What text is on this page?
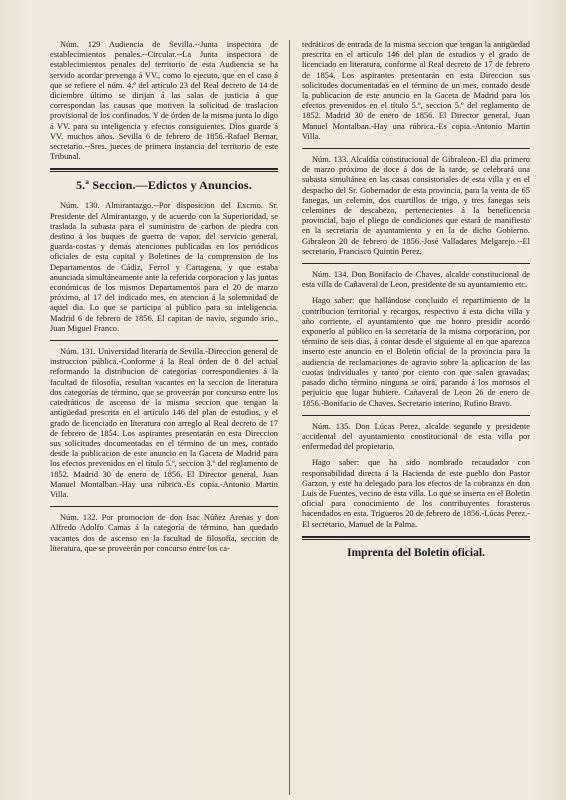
Núm. 129 Audiencia de Sevilla.--Junta inspectora de establecimientos penales.--Circular.--La Junta inspectora de establecimientos penales del territorio de esta Audiencia se ha servido acordar prevenga á VV., como lo ejecuto, que en el caso á que se refiere el núm. 4.º del artículo 23 del Real decreto de 14 de diciembre último se dirijan á las salas de justicia á que correspondan las causas que motiven la solicitud de traslacion provisional de los confinados. Y de órden de la misma junta lo digo á VV. para su inteligencia y efectos consiguientes. Dios guarde á VV. muchos años. Sevilla 6 de febrero de 1856.-Rafael Bernar, secretario.--Sres. jueces de primera instancia del territorio de este Tribunal.

5.ª Seccion.—Edictos y Anuncios.

Núm. 130. Almirantazgo.--Por disposicion del Excmo. Sr. Presidente del Almirantazgo, y de acuerdo con la Superioridad, se traslada la subasta para el suministro de carbon de piedra con destino á los buques de guerra de vapor, del servicio general, guarda-costas y demas atenciones publicadas en los periódicos oficiales de esta capital y Boletines de la comprension de los Departamentos de Cádiz, Ferrol y Cartagena, y que estaba anunciada simultáneamente ante la referida corporacion y las juntas económicas de los mismos Departamentos para el 20 de marzo próximo, al 17 del indicado mes, en atencion á la solemnidad de aquel dia. Lo que se participa al público para su inteligencia. Madrid 6 de febrero de 1856. El capitan de navio, segundo srio., Juan Miguel Franco.

Núm. 131. Universidad literaria de Sevilla.-Direccion general de instruccion pública.-Conforme á la Real órden de 8 del actual reformando la distribucion de categorías correspondientes á la facultad de filosofía, resultan vacantes en la seccion de literatura dos categorías de término, que se proveerán por concurso entre los catedráticos de ascenso de la misma seccion que tengan la antigüedad prescrita en el artículo 146 del plan de estudios, y el grado de licenciado en literatura con arreglo al Real decreto de 17 de febrero de 1854. Los aspirantes presentarán en esta Direccion sus solicitudes documentadas en el término de un mes, contado desde la publicacion de este anuncio en la Gaceta de Madrid para los efectos prevenidos en el título 5.º, seccion 3.º del reglamento de 1852. Madrid 30 de enero de 1856. El Director general, Juan Manuel Montalban.-Hay una rúbrica.-Es copia.-Antonio Martin Villa.

Núm. 132. Por promocion de don Isac Núñez Arenas y don Alfredo Adolfo Camas á la categoría de término, han quedado vacantes dos de ascenso en la facultad de filosofía, seccion de literatura, que se proveerán por concurso entre los ca-

tedráticos de entrada de la misma seccion que tengan la antigüedad prescrita en el artículo 146 del plan de estudios y el grado de licenciado en literatura, conforme al Real decreto de 17 de febrero de 1854. Los aspirantes presentarán en esta Direccion sus solicitudes documentadas en el término de un mes, contado desde la publicacion de este anuncio en la Gaceta de Madrid para los efectos prevenidos en el título 5.º, seccion 5.º del reglamento de 1852. Madrid 30 de enero de 1856. El Director general, Juan Manuel Montalban.-Hay una rúbrica.-Es copia.-Antonio Martin Villa.

Núm. 133. Alcaldía constitucional de Gibraleon.-El dia primero de marzo próximo de doce á dos de la tarde, se celebrará una subasta simultánea en las casas consistoriales de esta villa y en el despacho del Sr. Gobernador de esta provincia, para la venta de 65 fanegas, un celemin, dos cuartillos de trigo, y tres fanegas seis celemines de descabezo, pertenecientes á la beneficencia provincial, bajo el pliego de condiciones que estará de manifiesto en la secretaría de ayuntamiento y en la de dicho Gobierno. Gibraleon 20 de febrero de 1856.-José Valladares Melgarejo.--El secretario, Francisco Quintin Perez.

Núm. 134. Don Bonifacio de Chaves, alcalde constitucional de esta villa de Cañaveral de Leon, presidente de su ayuntamiento etc.

Hago saber: que hallándose concluido el repartimiento de la contribucion territorial y recargos, respectivo á esta dicha villa y año corriente, el ayuntamiento que me honro presidir acordó exponerlo al público en la secretaría de la misma corporacion, por término de seis dias, á contar desde el siguiente al en que aparezca inserto este anuncio en el Boletin oficial de la provincia para la audiencia de reclamaciones de agravio sobre la aplicacion de las cuotas individuales y tanto por ciento con que salen gravadas; pasado dicho término ninguna se oirá, parando á los morosos el perjuicio que lugar hubiere. Cañaveral de Leon 26 de enero de 1856.-Bonifacio de Chaves. Secretario interino, Rufino Bravo.

Núm. 135. Don Lúcas Perez, alcalde segundo y presidente accidental del ayuntamiento constitucional de esta villa por enfermedad del propietario.

Hago saber: que ha sido nombrado recaudador con responsabilidad directa á la Hacienda de este pueblo don Pastor Garzon, y este ha delegado para los efectos de la cobranza en don Luis de Fuentes, vecino de esta villa. Lo que se inserta en el Boletin oficial para conocimiento de los contribuyentes forasteros hacendados en esta. Trigueros 20 de febrero de 1856.-Lúcas Perez.-El secretario, Manuel de la Palma.

Imprenta del Boletin oficial.
